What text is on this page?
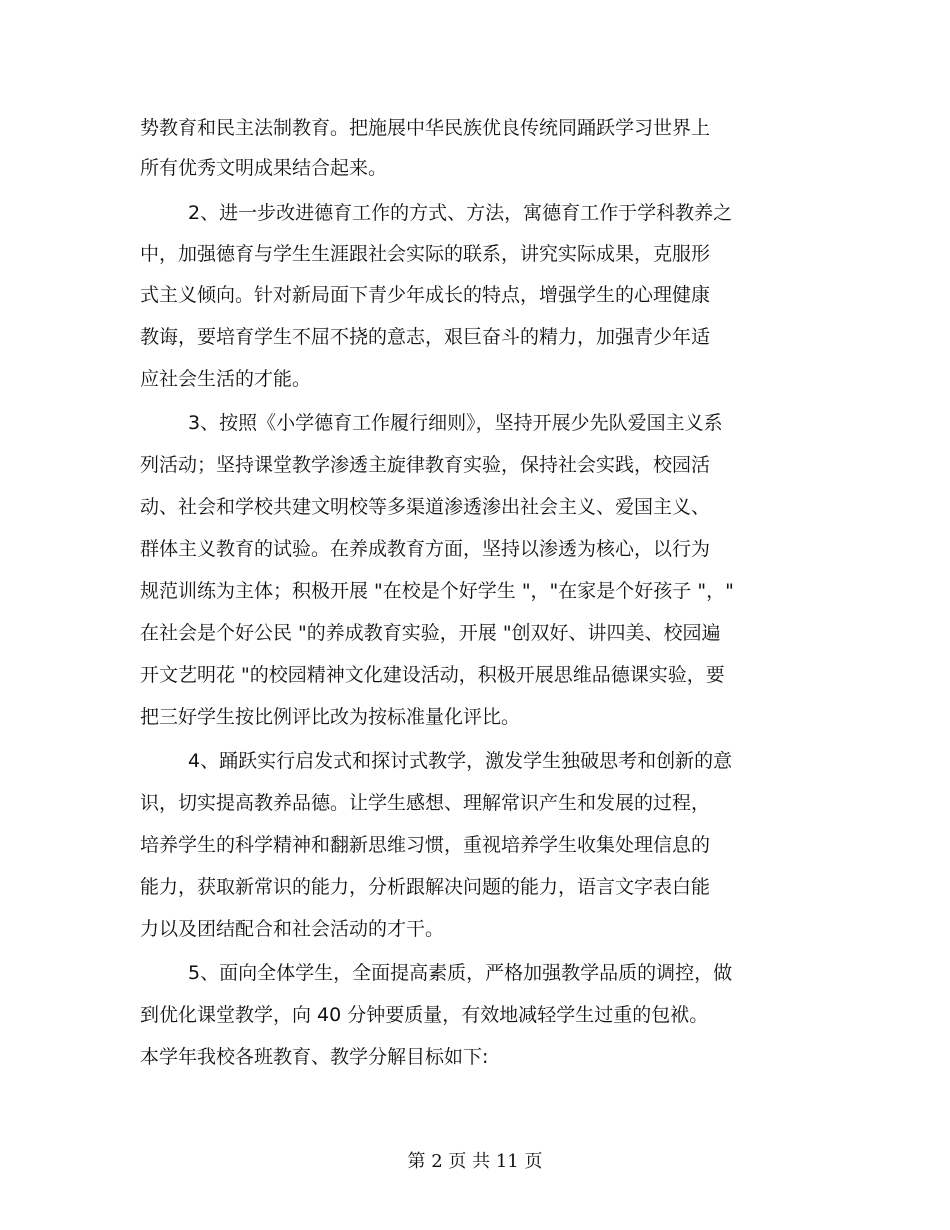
势教育和民主法制教育。把施展中华民族优良传统同踊跃学习世界上
所有优秀文明成果结合起来。
2、进一步改进德育工作的方式、方法，寓德育工作于学科教养之
中，加强德育与学生生涯跟社会实际的联系，讲究实际成果，克服形
式主义倾向。针对新局面下青少年成长的特点，增强学生的心理健康
教诲，要培育学生不屈不挠的意志，艰巨奋斗的精力，加强青少年适
应社会生活的才能。
3、按照《小学德育工作履行细则》，坚持开展少先队爱国主义系
列活动；坚持课堂教学渗透主旋律教育实验，保持社会实践，校园活
动、社会和学校共建文明校等多渠道渗透渗出社会主义、爱国主义、
群体主义教育的试验。在养成教育方面，坚持以渗透为核心，以行为
规范训练为主体；积极开展 "在校是个好学生 "，"在家是个好孩子 "，"
在社会是个好公民 "的养成教育实验，开展 "创双好、讲四美、校园遍
开文艺明花 "的校园精神文化建设活动，积极开展思维品德课实验，要
把三好学生按比例评比改为按标准量化评比。
4、踊跃实行启发式和探讨式教学，激发学生独破思考和创新的意
识，切实提高教养品德。让学生感想、理解常识产生和发展的过程，
培养学生的科学精神和翻新思维习惯，重视培养学生收集处理信息的
能力，获取新常识的能力，分析跟解决问题的能力，语言文字表白能
力以及团结配合和社会活动的才干。
5、面向全体学生，全面提高素质，严格加强教学品质的调控，做
到优化课堂教学，向 40 分钟要质量，有效地减轻学生过重的包袱。
本学年我校各班教育、教学分解目标如下:
第 2 页 共 11 页
